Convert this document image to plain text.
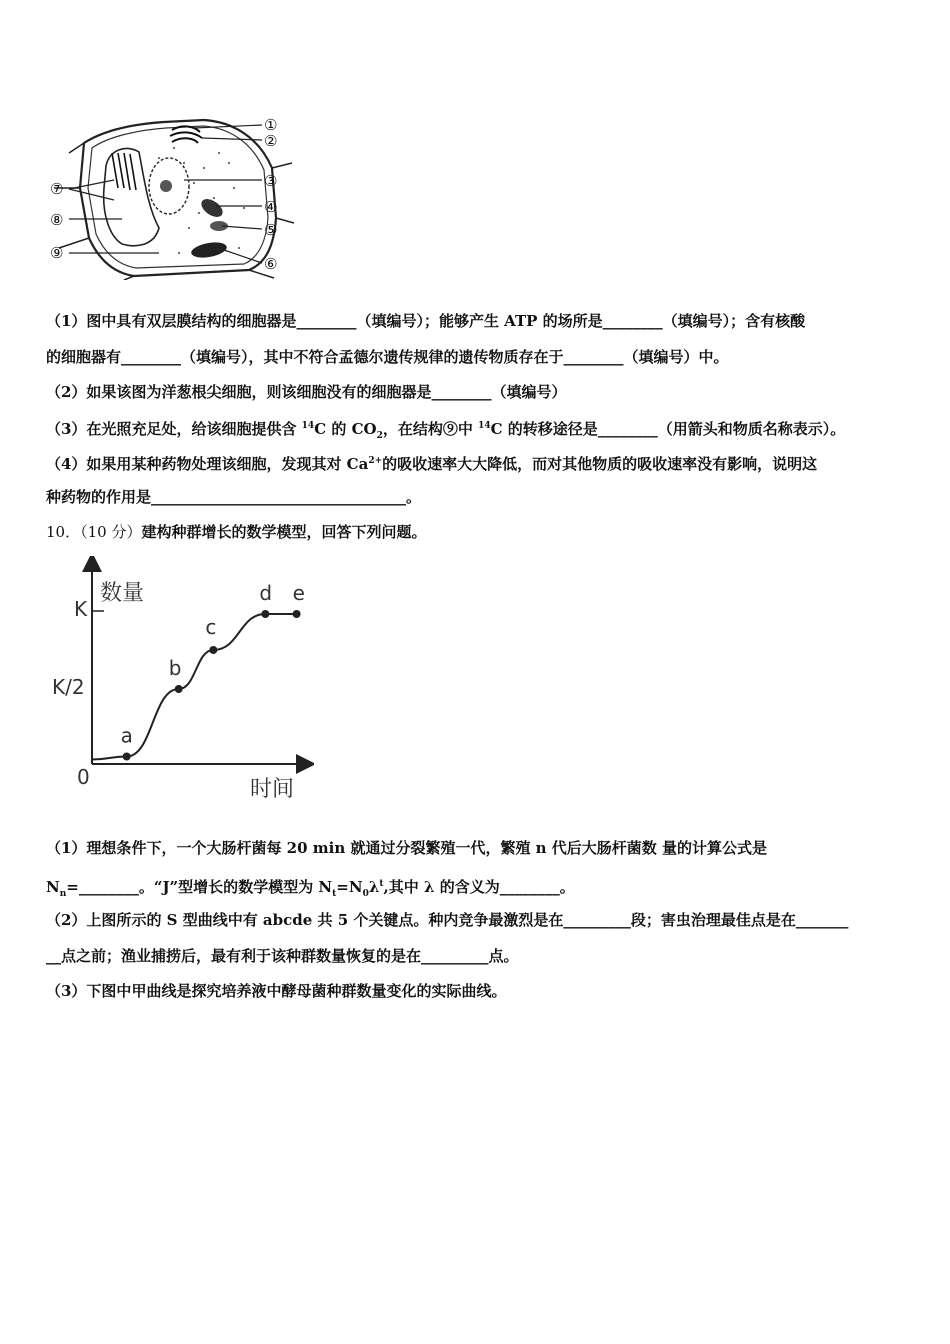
①
②
③
④
⑤
⑥
⑦
⑧
⑨
（1）图中具有双层膜结构的细胞器是________（填编号）；能够产生 ATP 的场所是________（填编号）；含有核酸
的细胞器有________（填编号），其中不符合孟德尔遗传规律的遗传物质存在于________（填编号）中。
（2）如果该图为洋葱根尖细胞，则该细胞没有的细胞器是________（填编号）
（3）在光照充足处，给该细胞提供含 $^{14}$C 的 $CO_2$，在结构⑨中 $^{14}$C 的转移途径是________（用箭头和物质名称表示）。
（4）如果用某种药物处理该细胞，发现其对 $Ca^{2+}$的吸收速率大大降低，而对其他物质的吸收速率没有影响，说明这
种药物的作用是__________________________________。
10．（10 分）建构种群增长的数学模型，回答下列问题。
数量
时间
K
K/2
0
a
b
c
d e
（1）理想条件下，一个大肠杆菌每 20 min 就通过分裂繁殖一代，繁殖 n 代后大肠杆菌数 量的计算公式是
$N_n=\_\_\_\_\_\_\_\_$。“J”型增长的数学模型为 $N_t=N_0\lambda^t$,其中 λ 的含义为________。
（2）上图所示的 S 型曲线中有 abcde 共 5 个关键点。种内竞争最激烈是在_________段；害虫治理最佳点是在_______
__点之前；渔业捕捞后，最有利于该种群数量恢复的是在_________点。
（3）下图中甲曲线是探究培养液中酵母菌种群数量变化的实际曲线。
